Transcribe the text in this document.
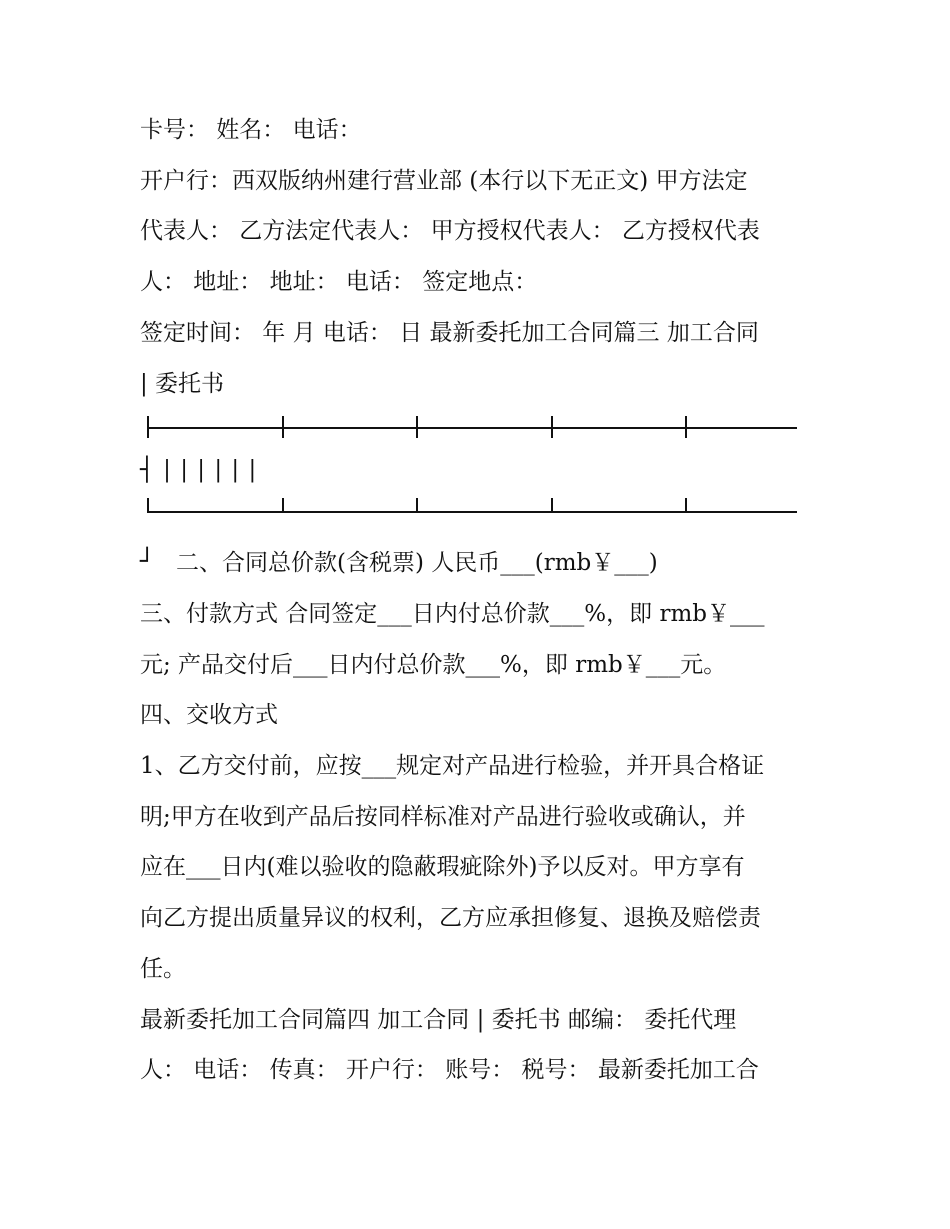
卡号： 姓名： 电话：
开户行：西双版纳州建行营业部 (本行以下无正文) 甲方法定
代表人： 乙方法定代表人： 甲方授权代表人： 乙方授权代表
人： 地址： 地址： 电话： 签定地点：
签定时间： 年 月 电话： 日 最新委托加工合同篇三 加工合同
| 委托书
┤ | | | | | |
┘ 二、合同总价款(含税票) 人民币___(rmb￥___)
三、付款方式 合同签定___日内付总价款___%，即 rmb￥___
元; 产品交付后___日内付总价款___%，即 rmb￥___元。
四、交收方式
1、乙方交付前，应按___规定对产品进行检验，并开具合格证
明;甲方在收到产品后按同样标准对产品进行验收或确认，并
应在___日内(难以验收的隐蔽瑕疵除外)予以反对。甲方享有
向乙方提出质量异议的权利，乙方应承担修复、退换及赔偿责
任。
最新委托加工合同篇四 加工合同 | 委托书 邮编： 委托代理
人： 电话： 传真： 开户行： 账号： 税号： 最新委托加工合
